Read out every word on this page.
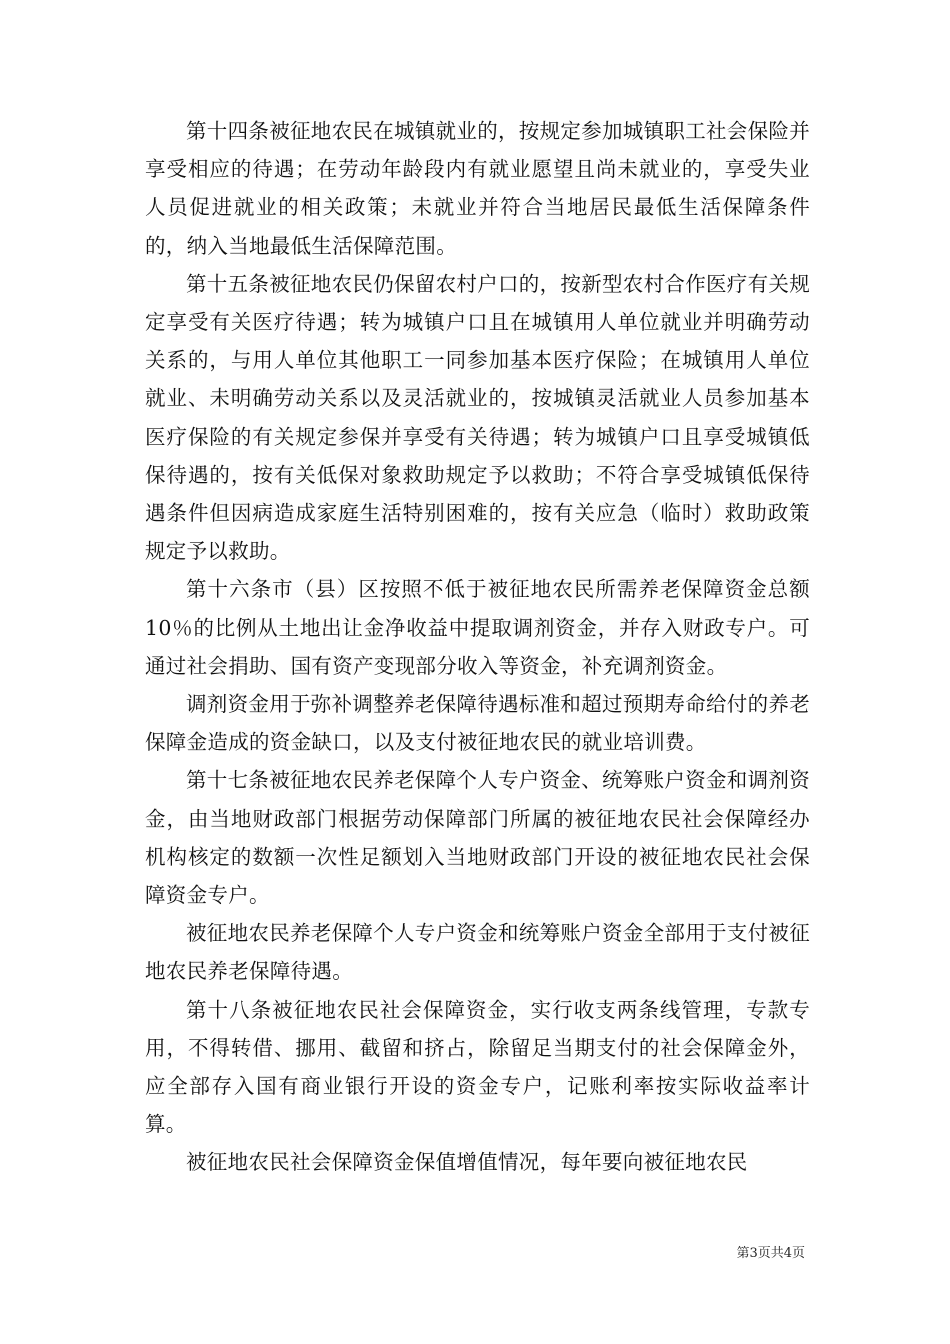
第十四条被征地农民在城镇就业的，按规定参加城镇职工社会保险并享受相应的待遇；在劳动年龄段内有就业愿望且尚未就业的，享受失业人员促进就业的相关政策；未就业并符合当地居民最低生活保障条件的，纳入当地最低生活保障范围。

第十五条被征地农民仍保留农村户口的，按新型农村合作医疗有关规定享受有关医疗待遇；转为城镇户口且在城镇用人单位就业并明确劳动关系的，与用人单位其他职工一同参加基本医疗保险；在城镇用人单位就业、未明确劳动关系以及灵活就业的，按城镇灵活就业人员参加基本医疗保险的有关规定参保并享受有关待遇；转为城镇户口且享受城镇低保待遇的，按有关低保对象救助规定予以救助；不符合享受城镇低保待遇条件但因病造成家庭生活特别困难的，按有关应急（临时）救助政策规定予以救助。

第十六条市（县）区按照不低于被征地农民所需养老保障资金总额10％的比例从土地出让金净收益中提取调剂资金，并存入财政专户。可通过社会捐助、国有资产变现部分收入等资金，补充调剂资金。

调剂资金用于弥补调整养老保障待遇标准和超过预期寿命给付的养老保障金造成的资金缺口，以及支付被征地农民的就业培训费。

第十七条被征地农民养老保障个人专户资金、统筹账户资金和调剂资金，由当地财政部门根据劳动保障部门所属的被征地农民社会保障经办机构核定的数额一次性足额划入当地财政部门开设的被征地农民社会保障资金专户。

被征地农民养老保障个人专户资金和统筹账户资金全部用于支付被征地农民养老保障待遇。

第十八条被征地农民社会保障资金，实行收支两条线管理，专款专用，不得转借、挪用、截留和挤占，除留足当期支付的社会保障金外，应全部存入国有商业银行开设的资金专户，记账利率按实际收益率计算。

被征地农民社会保障资金保值增值情况，每年要向被征地农民

第3页共4页
